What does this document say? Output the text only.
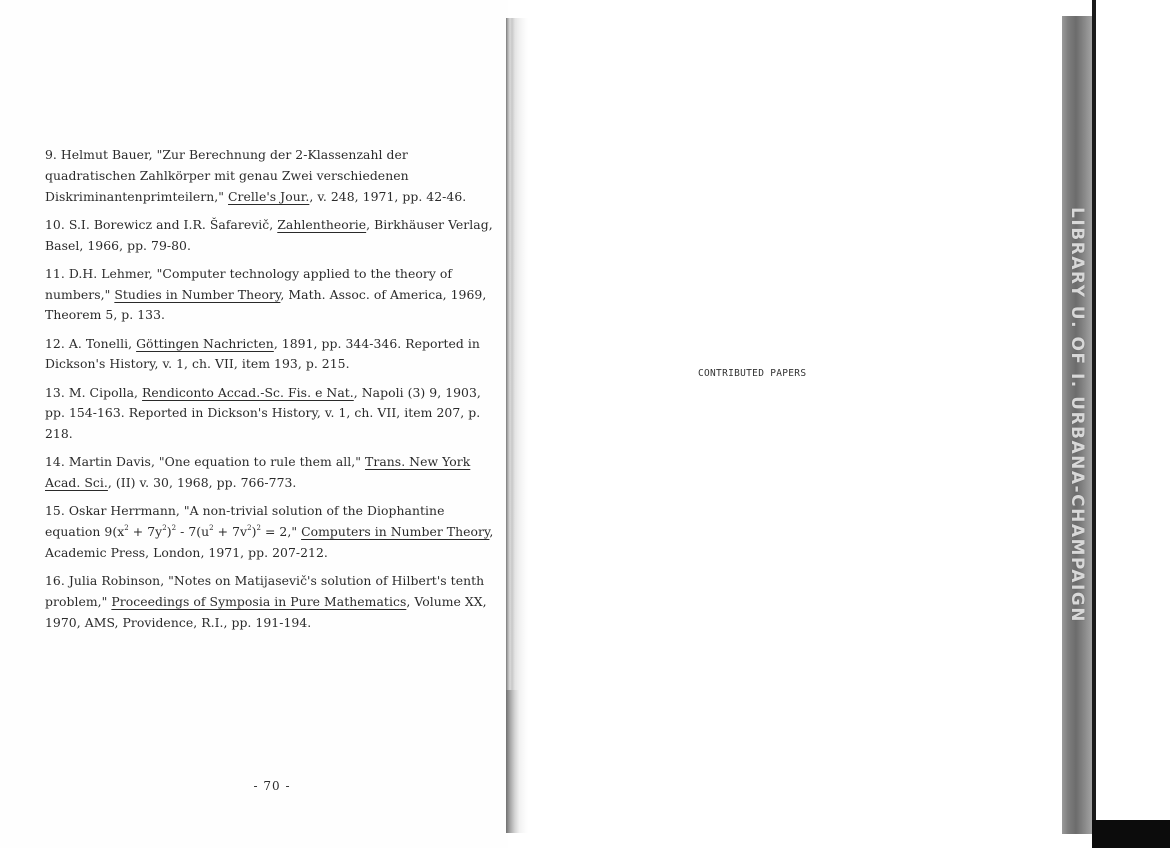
9. Helmut Bauer, "Zur Berechnung der 2-Klassenzahl der quadratischen Zahlkörper mit genau Zwei verschiedenen Diskriminantenprimteilern," Crelle's Jour., v. 248, 1971, pp. 42-46.
10. S.I. Borewicz and I.R. Šafarevič, Zahlentheorie, Birkhäuser Verlag, Basel, 1966, pp. 79-80.
11. D.H. Lehmer, "Computer technology applied to the theory of numbers," Studies in Number Theory, Math. Assoc. of America, 1969, Theorem 5, p. 133.
12. A. Tonelli, Göttingen Nachricten, 1891, pp. 344-346. Reported in Dickson's History, v. 1, ch. VII, item 193, p. 215.
13. M. Cipolla, Rendiconto Accad.-Sc. Fis. e Nat., Napoli (3) 9, 1903, pp. 154-163. Reported in Dickson's History, v. 1, ch. VII, item 207, p. 218.
14. Martin Davis, "One equation to rule them all," Trans. New York Acad. Sci., (II) v. 30, 1968, pp. 766-773.
15. Oskar Herrmann, "A non-trivial solution of the Diophantine equation $9(x^2 + 7y^2)^2 - 7(u^2 + 7v^2)^2 = 2$," Computers in Number Theory, Academic Press, London, 1971, pp. 207-212.
16. Julia Robinson, "Notes on Matijasevič's solution of Hilbert's tenth problem," Proceedings of Symposia in Pure Mathematics, Volume XX, 1970, AMS, Providence, R.I., pp. 191-194.
- 70 -
CONTRIBUTED PAPERS	LIBRARY U. OF I. URBANA-CHAMPAIGN
